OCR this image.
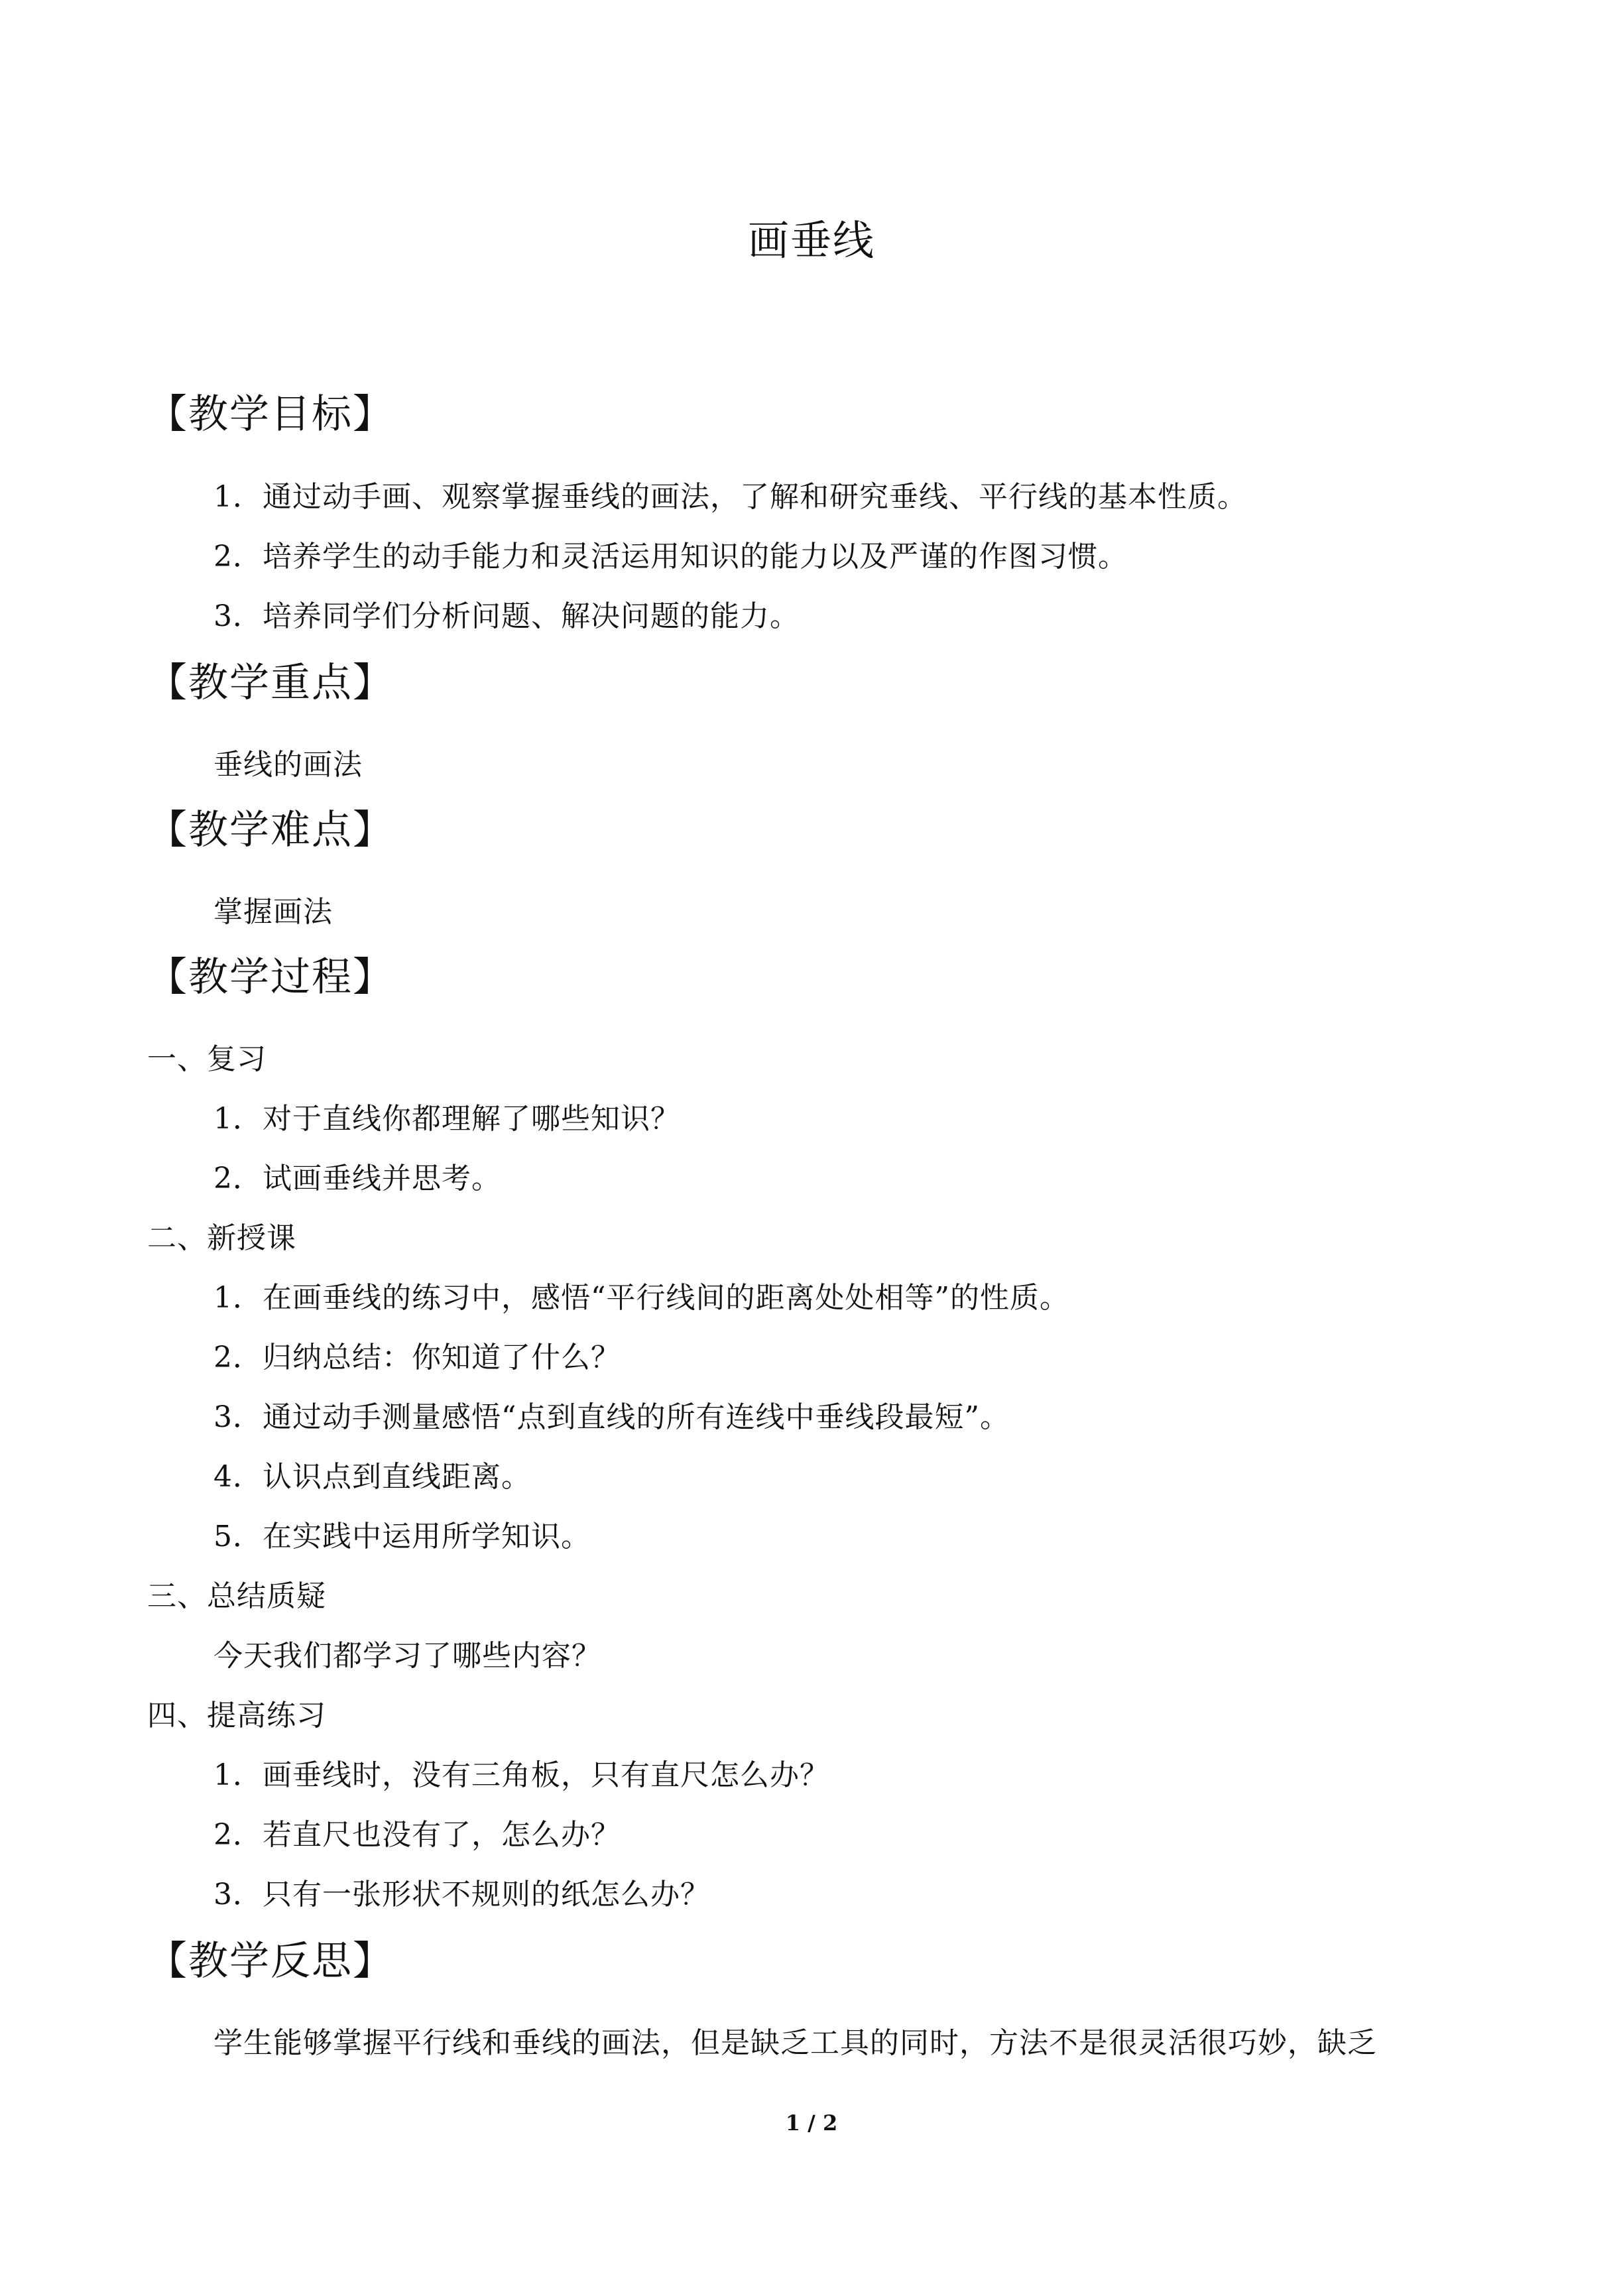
画垂线
【教学目标】
1．通过动手画、观察掌握垂线的画法，了解和研究垂线、平行线的基本性质。
2．培养学生的动手能力和灵活运用知识的能力以及严谨的作图习惯。
3．培养同学们分析问题、解决问题的能力。
【教学重点】
垂线的画法
【教学难点】
掌握画法
【教学过程】
一、复习
1．对于直线你都理解了哪些知识？
2．试画垂线并思考。
二、新授课
1．在画垂线的练习中，感悟“平行线间的距离处处相等”的性质。
2．归纳总结：你知道了什么？
3．通过动手测量感悟“点到直线的所有连线中垂线段最短”。
4．认识点到直线距离。
5．在实践中运用所学知识。
三、总结质疑
今天我们都学习了哪些内容？
四、提高练习
1．画垂线时，没有三角板，只有直尺怎么办？
2．若直尺也没有了，怎么办？
3．只有一张形状不规则的纸怎么办？
【教学反思】
学生能够掌握平行线和垂线的画法，但是缺乏工具的同时，方法不是很灵活很巧妙，缺乏
1 / 2
